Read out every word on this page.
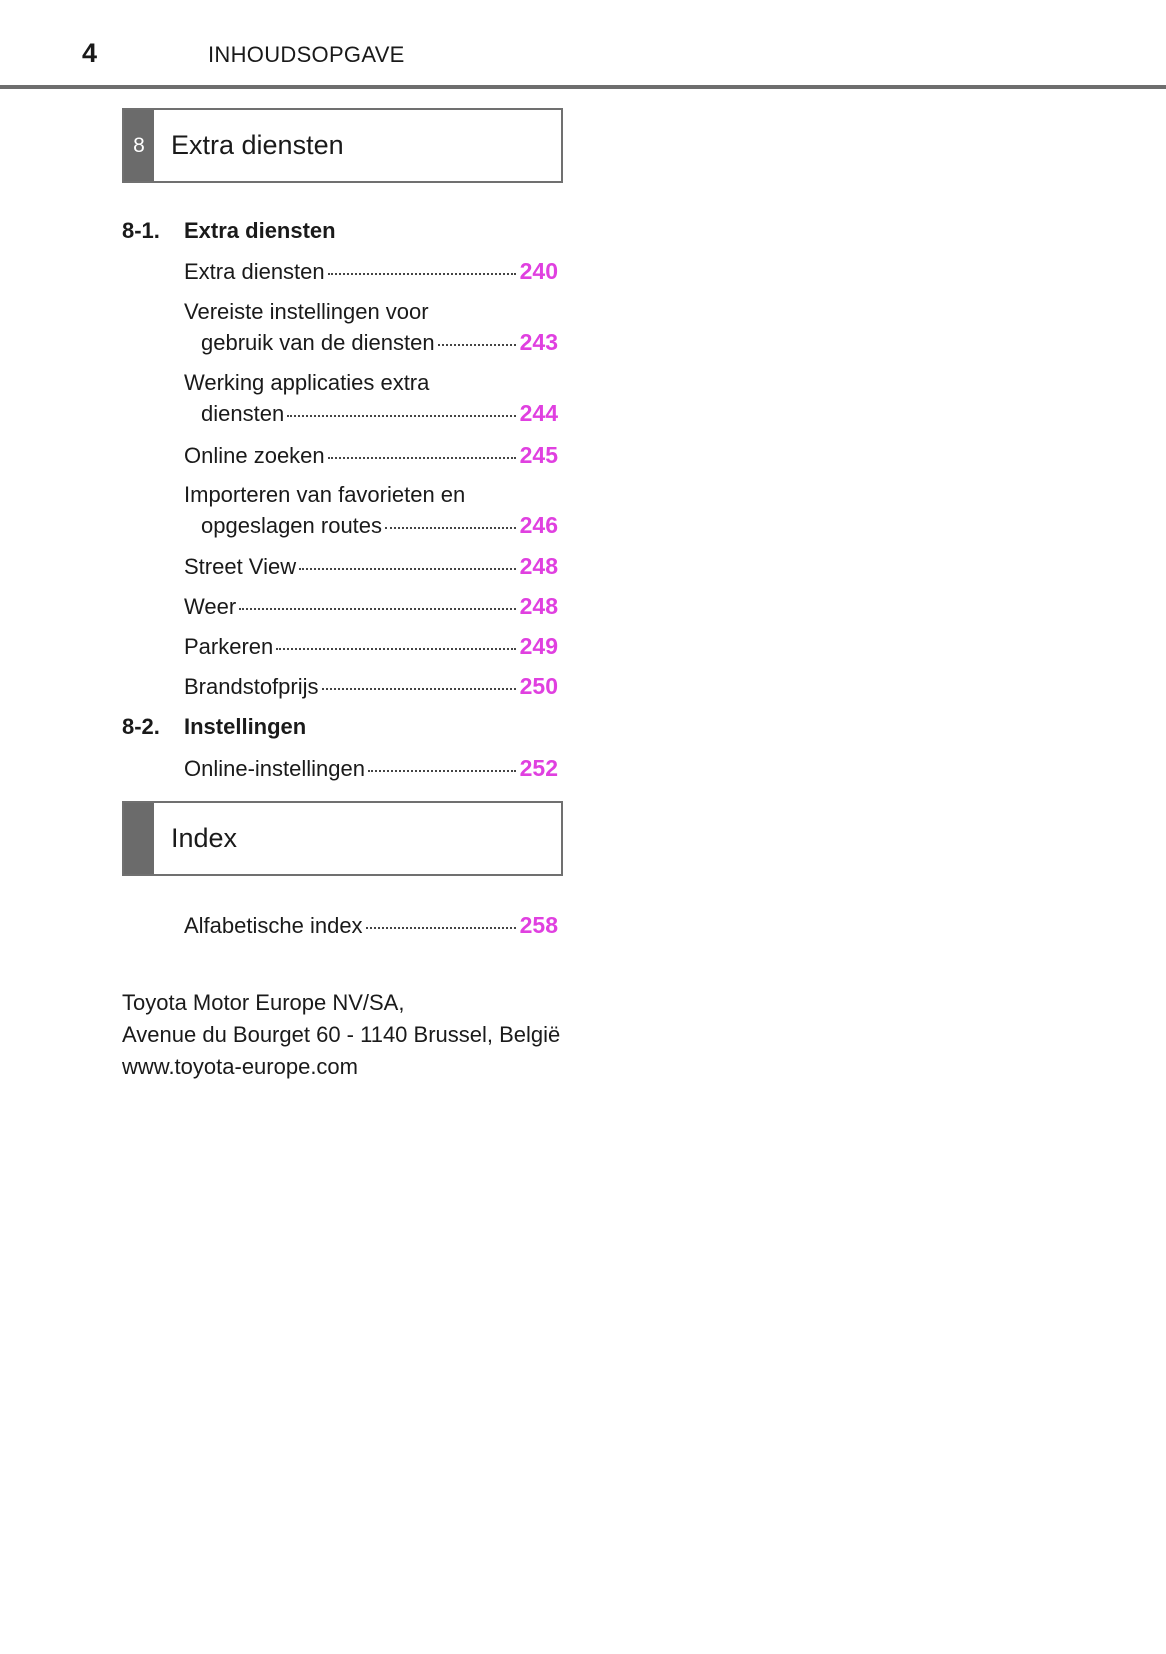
4	INHOUDSOPGAVE
8 Extra diensten
8-1. Extra diensten
Extra diensten	240
Vereiste instellingen voor
gebruik van de diensten	243
Werking applicaties extra
diensten	244
Online zoeken	245
Importeren van favorieten en
opgeslagen routes	246
Street View	248
Weer	248
Parkeren	249
Brandstofprijs	250
8-2. Instellingen
Online-instellingen	252
Index
Alfabetische index	258
Toyota Motor Europe NV/SA,
Avenue du Bourget 60 - 1140 Brussel, België
www.toyota-europe.com
